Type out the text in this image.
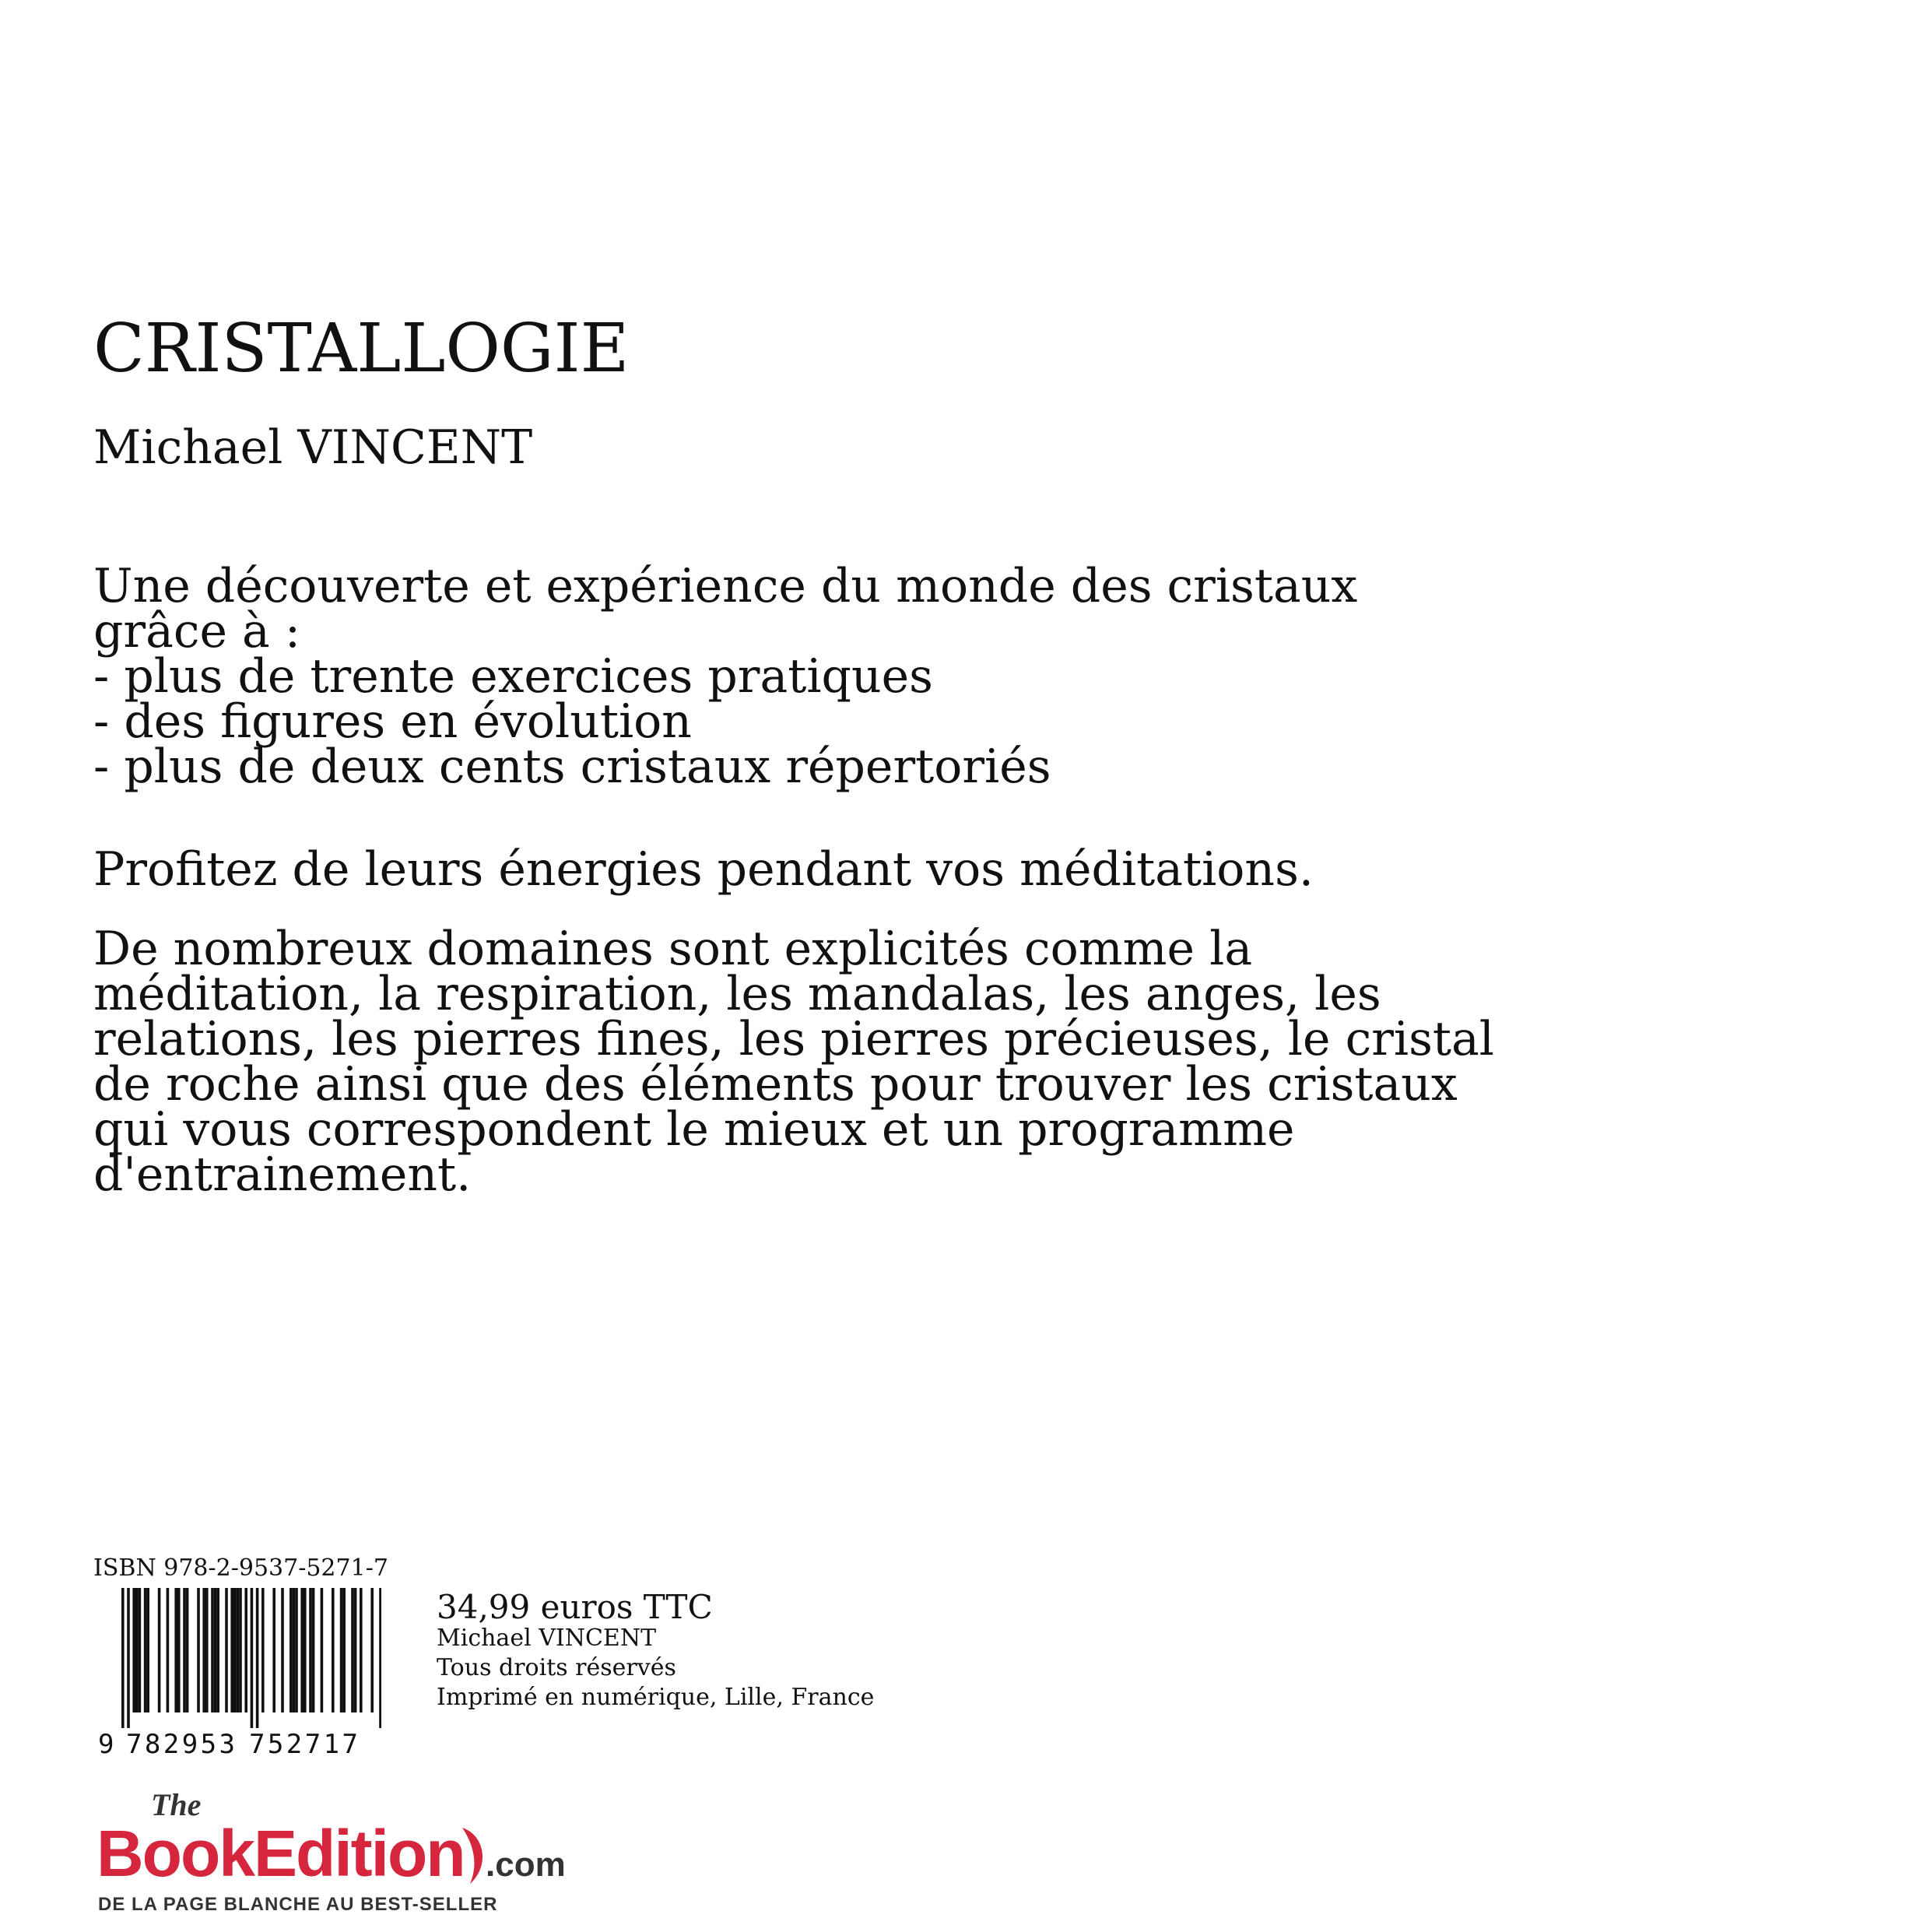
CRISTALLOGIE
Michael VINCENT
Une découverte et expérience du monde des cristaux
grâce à :
- plus de trente exercices pratiques
- des figures en évolution
- plus de deux cents cristaux répertoriés
Profitez de leurs énergies pendant vos méditations.
De nombreux domaines sont explicités comme la
méditation, la respiration, les mandalas, les anges, les
relations, les pierres fines, les pierres précieuses, le cristal
de roche ainsi que des éléments pour trouver les cristaux
qui vous correspondent le mieux et un programme
d'entrainement.
ISBN 978-2-9537-5271-7
9 782953 752717
34,99 euros TTC
Michael VINCENT
Tous droits réservés
Imprimé en numérique, Lille, France
The
BookEdition .com
DE LA PAGE BLANCHE AU BEST-SELLER
